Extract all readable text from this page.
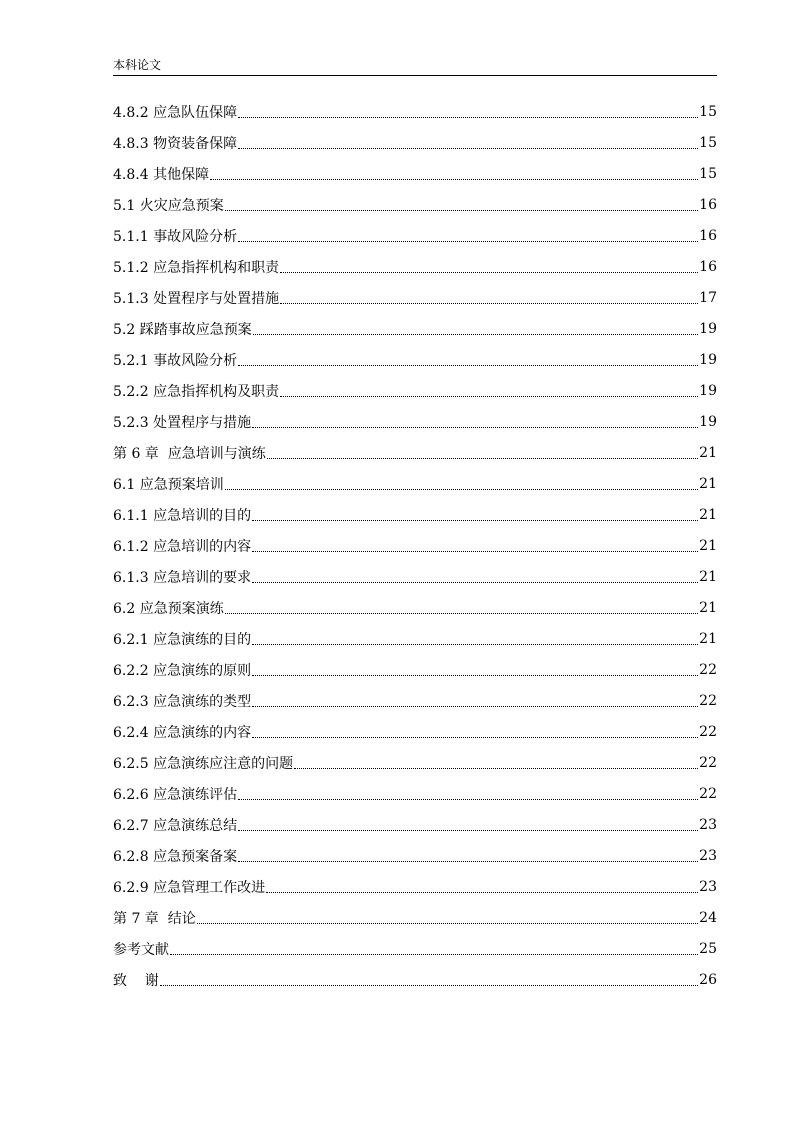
本科论文
4.8.2 应急队伍保障	15
4.8.3 物资装备保障	15
4.8.4 其他保障	15
5.1 火灾应急预案	16
5.1.1 事故风险分析	16
5.1.2 应急指挥机构和职责	16
5.1.3 处置程序与处置措施	17
5.2 踩踏事故应急预案	19
5.2.1 事故风险分析	19
5.2.2 应急指挥机构及职责	19
5.2.3 处置程序与措施	19
第 6 章  应急培训与演练	21
6.1 应急预案培训	21
6.1.1 应急培训的目的	21
6.1.2 应急培训的内容	21
6.1.3 应急培训的要求	21
6.2 应急预案演练	21
6.2.1 应急演练的目的	21
6.2.2 应急演练的原则	22
6.2.3 应急演练的类型	22
6.2.4 应急演练的内容	22
6.2.5 应急演练应注意的问题	22
6.2.6 应急演练评估	22
6.2.7 应急演练总结	23
6.2.8 应急预案备案	23
6.2.9 应急管理工作改进	23
第 7 章  结论	24
参考文献	25
致    谢	26
